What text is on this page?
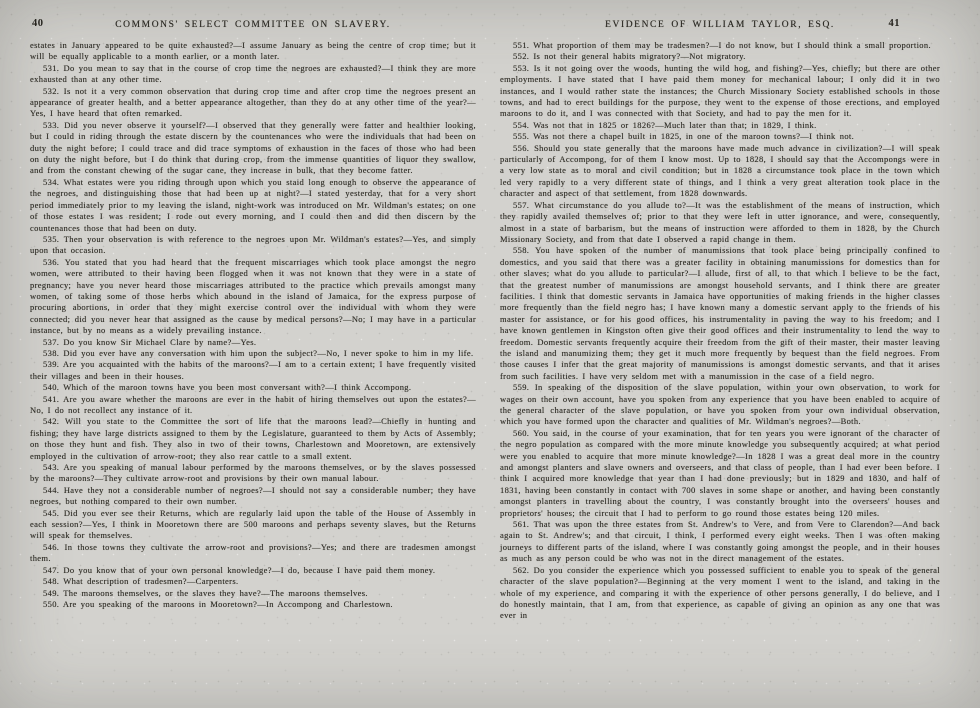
40	COMMONS' SELECT COMMITTEE ON SLAVERY.

estates in January appeared to be quite exhausted?—I assume January as being the centre of crop time; but it will be equally applicable to a month earlier, or a month later.

531. Do you mean to say that in the course of crop time the negroes are exhausted?—I think they are more exhausted than at any other time.

532. Is not it a very common observation that during crop time and after crop time the negroes present an appearance of greater health, and a better appearance altogether, than they do at any other time of the year?—Yes, I have heard that often remarked.

533. Did you never observe it yourself?—I observed that they generally were fatter and healthier looking, but I could in riding through the estate discern by the countenances who were the individuals that had been on duty the night before; I could trace and did trace symptoms of exhaustion in the faces of those who had been on duty the night before, but I do think that during crop, from the immense quantities of liquor they swallow, and from the constant chewing of the sugar cane, they increase in bulk, that they become fatter.

534. What estates were you riding through upon which you staid long enough to observe the appearance of the negroes, and distinguishing those that had been up at night?—I stated yesterday, that for a very short period immediately prior to my leaving the island, night-work was introduced on Mr. Wildman's estates; on one of those estates I was resident; I rode out every morning, and I could then and did then discern by the countenances those that had been on duty.

535. Then your observation is with reference to the negroes upon Mr. Wildman's estates?—Yes, and simply upon that occasion.

536. You stated that you had heard that the frequent miscarriages which took place amongst the negro women, were attributed to their having been flogged when it was not known that they were in a state of pregnancy; have you never heard those miscarriages attributed to the practice which prevails amongst many women, of taking some of those herbs which abound in the island of Jamaica, for the express purpose of procuring abortions, in order that they might exercise control over the individual with whom they were connected; did you never hear that assigned as the cause by medical persons?—No; I may have in a particular instance, but by no means as a widely prevailing instance.

537. Do you know Sir Michael Clare by name?—Yes.

538. Did you ever have any conversation with him upon the subject?—No, I never spoke to him in my life.

539. Are you acquainted with the habits of the maroons?—I am to a certain extent; I have frequently visited their villages and been in their houses.

540. Which of the maroon towns have you been most conversant with?—I think Accompong.

541. Are you aware whether the maroons are ever in the habit of hiring themselves out upon the estates?—No, I do not recollect any instance of it.

542. Will you state to the Committee the sort of life that the maroons lead?—Chiefly in hunting and fishing; they have large districts assigned to them by the Legislature, guaranteed to them by Acts of Assembly; on those they hunt and fish. They also in two of their towns, Charlestown and Mooretown, are extensively employed in the cultivation of arrow-root; they also rear cattle to a small extent.

543. Are you speaking of manual labour performed by the maroons themselves, or by the slaves possessed by the maroons?—They cultivate arrow-root and provisions by their own manual labour.

544. Have they not a considerable number of negroes?—I should not say a considerable number; they have negroes, but nothing compared to their own number.

545. Did you ever see their Returns, which are regularly laid upon the table of the House of Assembly in each session?—Yes, I think in Mooretown there are 500 maroons and perhaps seventy slaves, but the Returns will speak for themselves.

546. In those towns they cultivate the arrow-root and provisions?—Yes; and there are tradesmen amongst them.

547. Do you know that of your own personal knowledge?—I do, because I have paid them money.

548. What description of tradesmen?—Carpenters.

549. The maroons themselves, or the slaves they have?—The maroons themselves.

550. Are you speaking of the maroons in Mooretown?—In Accompong and Charlestown.

EVIDENCE OF WILLIAM TAYLOR, ESQ.	41

551. What proportion of them may be tradesmen?—I do not know, but I should think a small proportion.

552. Is not their general habits migratory?—Not migratory.

553. Is it not going over the woods, hunting the wild hog, and fishing?—Yes, chiefly; but there are other employments. I have stated that I have paid them money for mechanical labour; I only did it in two instances, and I would rather state the instances; the Church Missionary Society established schools in those towns, and had to erect buildings for the purpose, they went to the expense of those erections, and employed maroons to do it, and I was connected with that Society, and had to pay the men for it.

554. Was not that in 1825 or 1826?—Much later than that; in 1829, I think.

555. Was not there a chapel built in 1825, in one of the maroon towns?—I think not.

556. Should you state generally that the maroons have made much advance in civilization?—I will speak particularly of Accompong, for of them I know most. Up to 1828, I should say that the Accompongs were in a very low state as to moral and civil condition; but in 1828 a circumstance took place in the town which led very rapidly to a very different state of things, and I think a very great alteration took place in the character and aspect of that settlement, from 1828 downwards.

557. What circumstance do you allude to?—It was the establishment of the means of instruction, which they rapidly availed themselves of; prior to that they were left in utter ignorance, and were, consequently, almost in a state of barbarism, but the means of instruction were afforded to them in 1828, by the Church Missionary Society, and from that date I observed a rapid change in them.

558. You have spoken of the number of manumissions that took place being principally confined to domestics, and you said that there was a greater facility in obtaining manumissions for domestics than for other slaves; what do you allude to particular?—I allude, first of all, to that which I believe to be the fact, that the greatest number of manumissions are amongst household servants, and I think there are greater facilities. I think that domestic servants in Jamaica have opportunities of making friends in the higher classes more frequently than the field negro has; I have known many a domestic servant apply to the friends of his master for assistance, or for his good offices, his instrumentality in paving the way to his freedom; and I have known gentlemen in Kingston often give their good offices and their instrumentality to lend the way to freedom. Domestic servants frequently acquire their freedom from the gift of their master, their master leaving the island and manumizing them; they get it much more frequently by bequest than the field negroes. From those causes I infer that the great majority of manumissions is amongst domestic servants, and that it arises from such facilities. I have very seldom met with a manumission in the case of a field negro.

559. In speaking of the disposition of the slave population, within your own observation, to work for wages on their own account, have you spoken from any experience that you have been enabled to acquire of the general character of the slave population, or have you spoken from your own individual observation, which you have formed upon the character and qualities of Mr. Wildman's negroes?—Both.

560. You said, in the course of your examination, that for ten years you were ignorant of the character of the negro population as compared with the more minute knowledge you subsequently acquired; at what period were you enabled to acquire that more minute knowledge?—In 1828 I was a great deal more in the country and amongst planters and slave owners and overseers, and that class of people, than I had ever been before. I think I acquired more knowledge that year than I had done previously; but in 1829 and 1830, and half of 1831, having been constantly in contact with 700 slaves in some shape or another, and having been constantly amongst planters in travelling about the country, I was constantly brought into the overseers' houses and proprietors' houses; the circuit that I had to perform to go round those estates being 120 miles.

561. That was upon the three estates from St. Andrew's to Vere, and from Vere to Clarendon?—And back again to St. Andrew's; and that circuit, I think, I performed every eight weeks. Then I was often making journeys to different parts of the island, where I was constantly going amongst the people, and in their houses as much as any person could be who was not in the direct management of the estates.

562. Do you consider the experience which you possessed sufficient to enable you to speak of the general character of the slave population?—Beginning at the very moment I went to the island, and taking in the whole of my experience, and comparing it with the experience of other persons generally, I do believe, and I do honestly maintain, that I am, from that experience, as capable of giving an opinion as any one that was ever in
